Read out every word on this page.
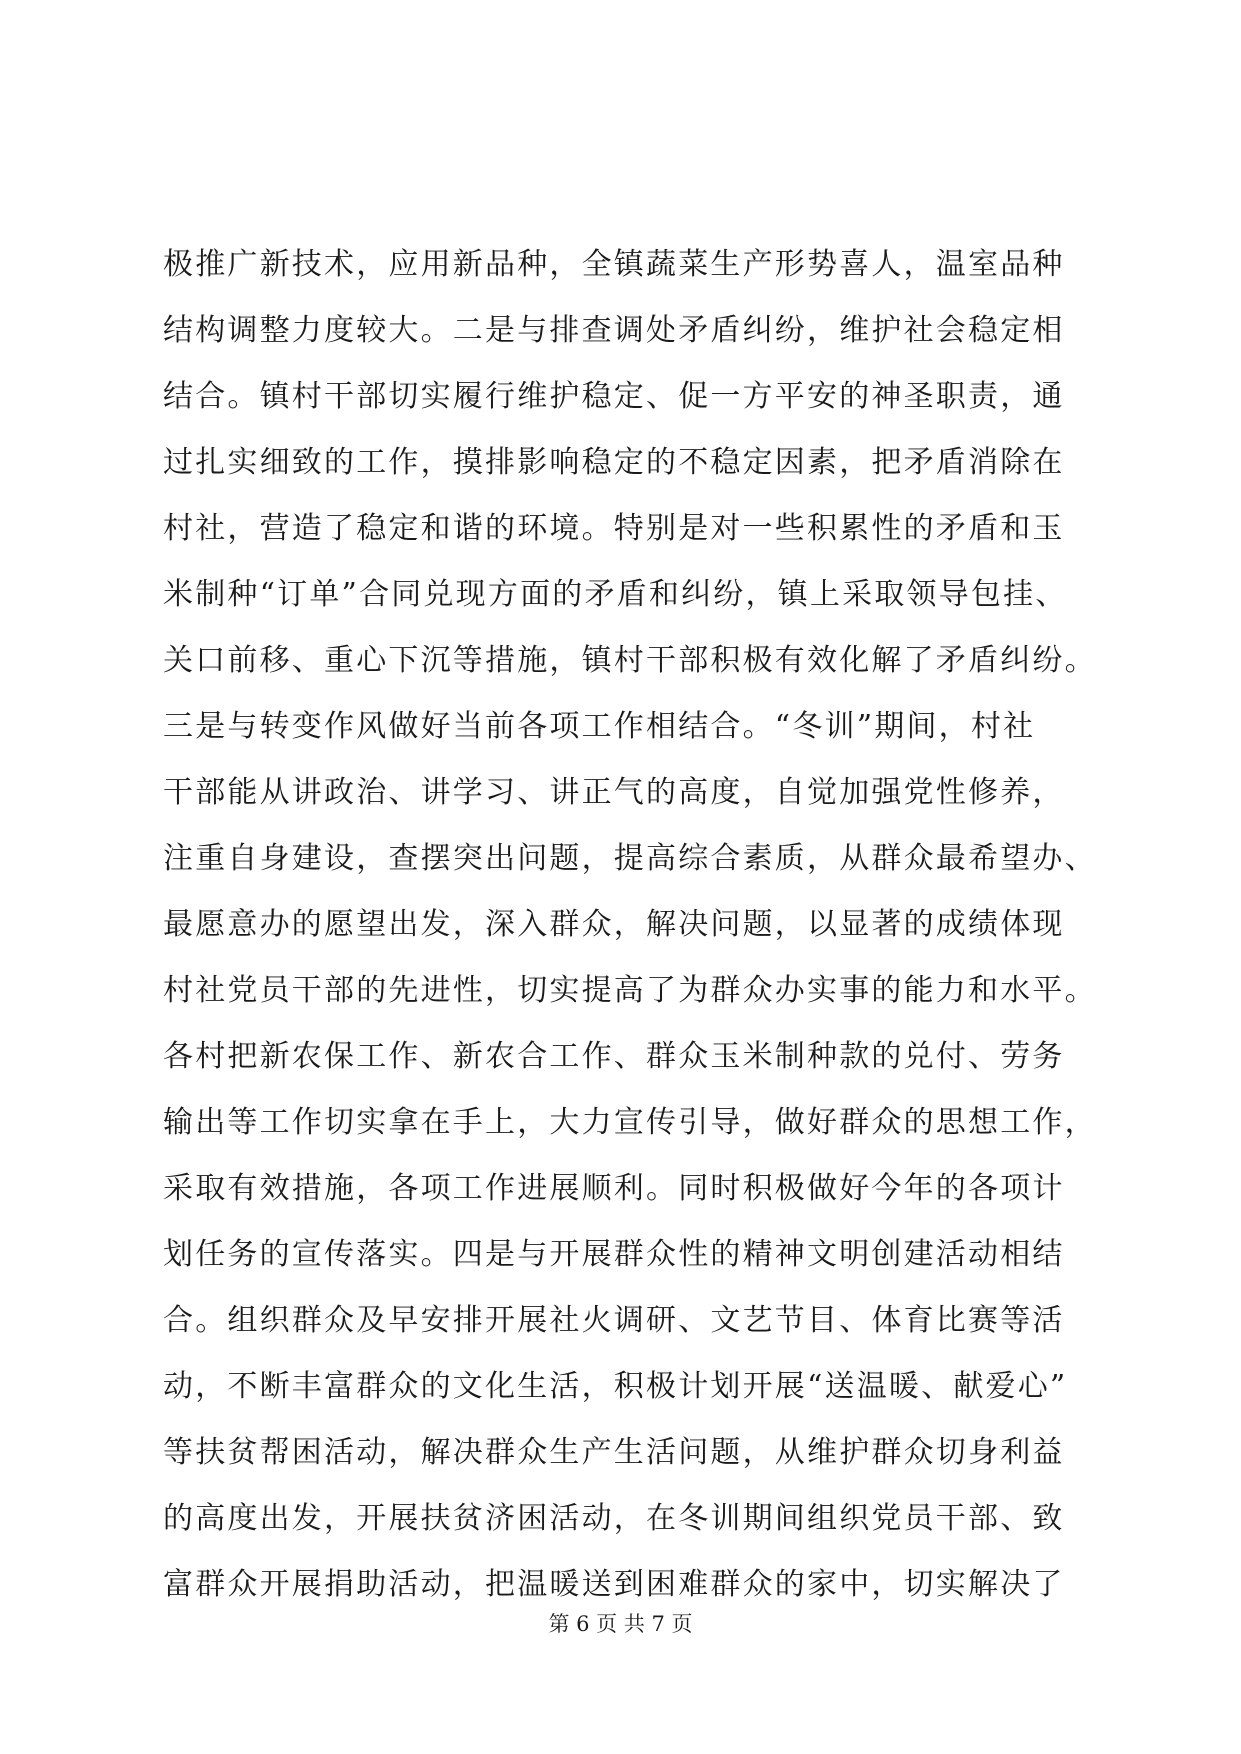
极推广新技术，应用新品种，全镇蔬菜生产形势喜人，温室品种
结构调整力度较大。二是与排查调处矛盾纠纷，维护社会稳定相
结合。镇村干部切实履行维护稳定、促一方平安的神圣职责，通
过扎实细致的工作，摸排影响稳定的不稳定因素，把矛盾消除在
村社，营造了稳定和谐的环境。特别是对一些积累性的矛盾和玉
米制种“订单”合同兑现方面的矛盾和纠纷，镇上采取领导包挂、
关口前移、重心下沉等措施，镇村干部积极有效化解了矛盾纠纷。
三是与转变作风做好当前各项工作相结合。“冬训”期间，村社
干部能从讲政治、讲学习、讲正气的高度，自觉加强党性修养，
注重自身建设，查摆突出问题，提高综合素质，从群众最希望办、
最愿意办的愿望出发，深入群众，解决问题，以显著的成绩体现
村社党员干部的先进性，切实提高了为群众办实事的能力和水平。
各村把新农保工作、新农合工作、群众玉米制种款的兑付、劳务
输出等工作切实拿在手上，大力宣传引导，做好群众的思想工作，
采取有效措施，各项工作进展顺利。同时积极做好今年的各项计
划任务的宣传落实。四是与开展群众性的精神文明创建活动相结
合。组织群众及早安排开展社火调研、文艺节目、体育比赛等活
动，不断丰富群众的文化生活，积极计划开展“送温暖、献爱心”
等扶贫帮困活动，解决群众生产生活问题，从维护群众切身利益
的高度出发，开展扶贫济困活动，在冬训期间组织党员干部、致
富群众开展捐助活动，把温暖送到困难群众的家中，切实解决了
第 6 页 共 7 页
